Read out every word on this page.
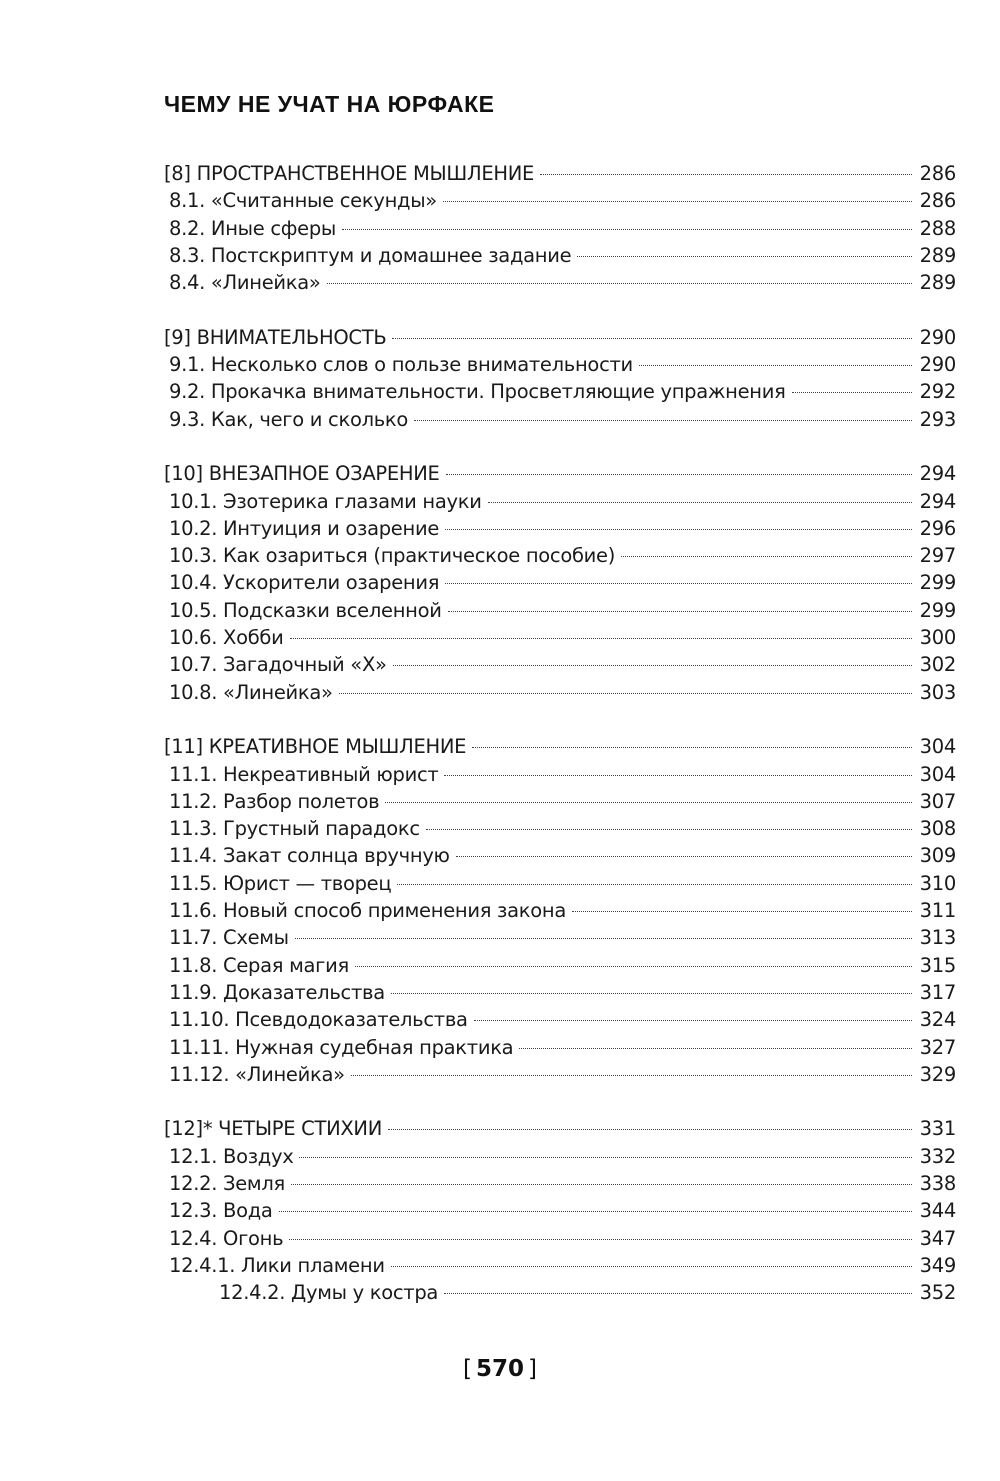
ЧЕМУ НЕ УЧАТ НА ЮРФАКЕ
[8] ПРОСТРАНСТВЕННОЕ МЫШЛЕНИЕ	286
8.1. «Считанные секунды»	286
8.2. Иные сферы	288
8.3. Постскриптум и домашнее задание	289
8.4. «Линейка»	289
[9] ВНИМАТЕЛЬНОСТЬ	290
9.1. Несколько слов о пользе внимательности	290
9.2. Прокачка внимательности. Просветляющие упражнения	292
9.3. Как, чего и сколько	293
[10] ВНЕЗАПНОЕ ОЗАРЕНИЕ	294
10.1. Эзотерика глазами науки	294
10.2. Интуиция и озарение	296
10.3. Как озариться (практическое пособие)	297
10.4. Ускорители озарения	299
10.5. Подсказки вселенной	299
10.6. Хобби	300
10.7. Загадочный «Х»	302
10.8. «Линейка»	303
[11] КРЕАТИВНОЕ МЫШЛЕНИЕ	304
11.1. Некреативный юрист	304
11.2. Разбор полетов	307
11.3. Грустный парадокс	308
11.4. Закат солнца вручную	309
11.5. Юрист — творец	310
11.6. Новый способ применения закона	311
11.7. Схемы	313
11.8. Серая магия	315
11.9. Доказательства	317
11.10. Псевдодоказательства	324
11.11. Нужная судебная практика	327
11.12. «Линейка»	329
[12]* ЧЕТЫРЕ СТИХИИ	331
12.1. Воздух	332
12.2. Земля	338
12.3. Вода	344
12.4. Огонь	347
12.4.1. Лики пламени	349
12.4.2. Думы у костра	352
[ 570 ]
